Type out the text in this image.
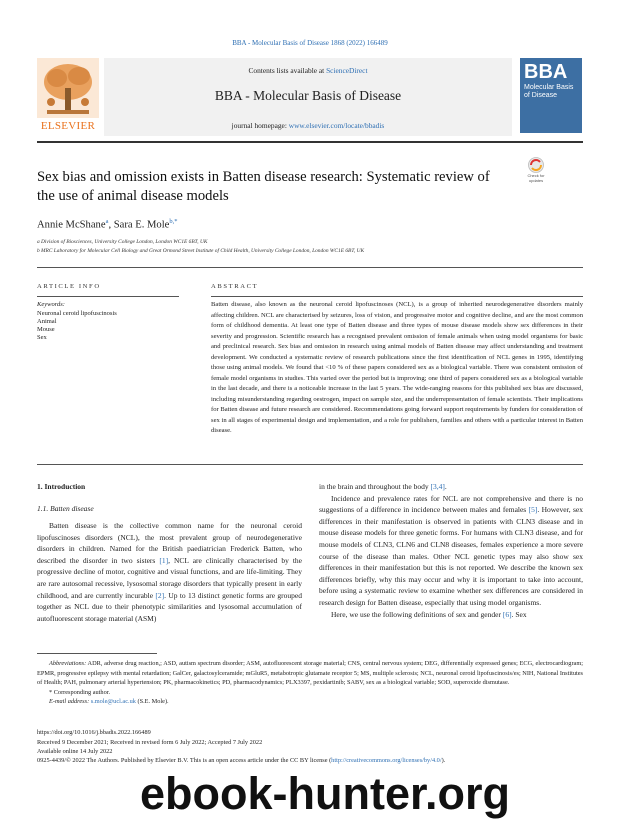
BBA - Molecular Basis of Disease 1868 (2022) 166489
ELSEVIER
Contents lists available at ScienceDirect
BBA - Molecular Basis of Disease
journal homepage: www.elsevier.com/locate/bbadis
BBA
Molecular Basis of Disease
Sex bias and omission exists in Batten disease research: Systematic review of the use of animal disease models
Check for updates
Annie McShane$^a$, Sara E. Mole$^{b,*}$
a Division of Biosciences, University College London, London WC1E 6BT, UK
b MRC Laboratory for Molecular Cell Biology and Great Ormond Street Institute of Child Health, University College London, London WC1E 6BT, UK
ARTICLE INFO
Keywords:
Neuronal ceroid lipofuscinosis
Animal
Mouse
Sex
ABSTRACT
Batten disease, also known as the neuronal ceroid lipofuscinoses (NCL), is a group of inherited neurodegenerative disorders mainly affecting children. NCL are characterised by seizures, loss of vision, and progressive motor and cognitive decline, and are the most common form of childhood dementia. At least one type of Batten disease and three types of mouse disease models show sex differences in their severity and progression. Scientific research has a recognised prevalent omission of female animals when using model organisms for basic and preclinical research. Sex bias and omission in research using animal models of Batten disease may affect understanding and treatment development. We conducted a systematic review of research publications since the first identification of NCL genes in 1995, identifying those using animal models. We found that <10 % of these papers considered sex as a biological variable. There was consistent omission of female model organisms in studies. This varied over the period but is improving; one third of papers considered sex as a biological variable in the last decade, and there is a noticeable increase in the last 5 years. The wide-ranging reasons for this published sex bias are discussed, including misunderstanding regarding oestrogen, impact on sample size, and the underrepresentation of female scientists. Their implications for Batten disease and future research are considered. Recommendations going forward support requirements by funders for consideration of sex in all stages of experimental design and implementation, and a role for publishers, families and others with a particular interest in Batten disease.
1. Introduction
1.1. Batten disease
Batten disease is the collective common name for the neuronal ceroid lipofuscinoses disorders (NCL), the most prevalent group of neurodegenerative disorders in children. Named for the British paediatrician Frederick Batten, who described the disorder in two sisters [1], NCL are clinically characterised by the progressive decline of motor, cognitive and visual functions, and are life-limiting. They are rare autosomal recessive, lysosomal storage disorders that typically present in early childhood, and are currently incurable [2]. Up to 13 distinct genetic forms are grouped together as NCL due to their phenotypic similarities and lysosomal accumulation of autofluorescent storage material (ASM)
in the brain and throughout the body [3,4].
Incidence and prevalence rates for NCL are not comprehensive and there is no suggestions of a difference in incidence between males and females [5]. However, sex differences in their manifestation is observed in patients with CLN3 disease and in mouse disease models for three genetic forms. For humans with CLN3 disease, and for mouse models of CLN3, CLN6 and CLN8 diseases, females experience a more severe course of the disease than males. Other NCL genetic types may also show sex differences in their manifestation but this is not reported. We describe the known sex differences briefly, why this may occur and why it is important to take into account, before using a systematic review to examine whether sex differences are considered in research design for Batten disease, especially that using model organisms.
Here, we use the following definitions of sex and gender [6]. Sex

Abbreviations: ADR, adverse drug reaction,; ASD, autism spectrum disorder; ASM, autofluorescent storage material; CNS, central nervous system; DEG, differentially expressed genes; ECG, electrocardiogram; EPMR, progressive epilepsy with mental retardation; GalCer, galactosylceramide; mGluR5, metabotropic glutamate receptor 5; MS, multiple sclerosis; NCL, neuronal ceroid lipofuscinosis/es; NIH, National Institutes of Health; PAH, pulmonary arterial hypertension; PK, pharmacokinetics; PD, pharmacodynamics; PLX3397, pexidartinib; SABV, sex as a biological variable; SOD, superoxide dismutase.

* Corresponding author.

E-mail address: s.mole@ucl.ac.uk (S.E. Mole).

https://doi.org/10.1016/j.bbadis.2022.166489
Received 9 December 2021; Received in revised form 6 July 2022; Accepted 7 July 2022
Available online 14 July 2022
0925-4439/© 2022 The Authors. Published by Elsevier B.V. This is an open access article under the CC BY license (http://creativecommons.org/licenses/by/4.0/).
ebook-hunter.org
